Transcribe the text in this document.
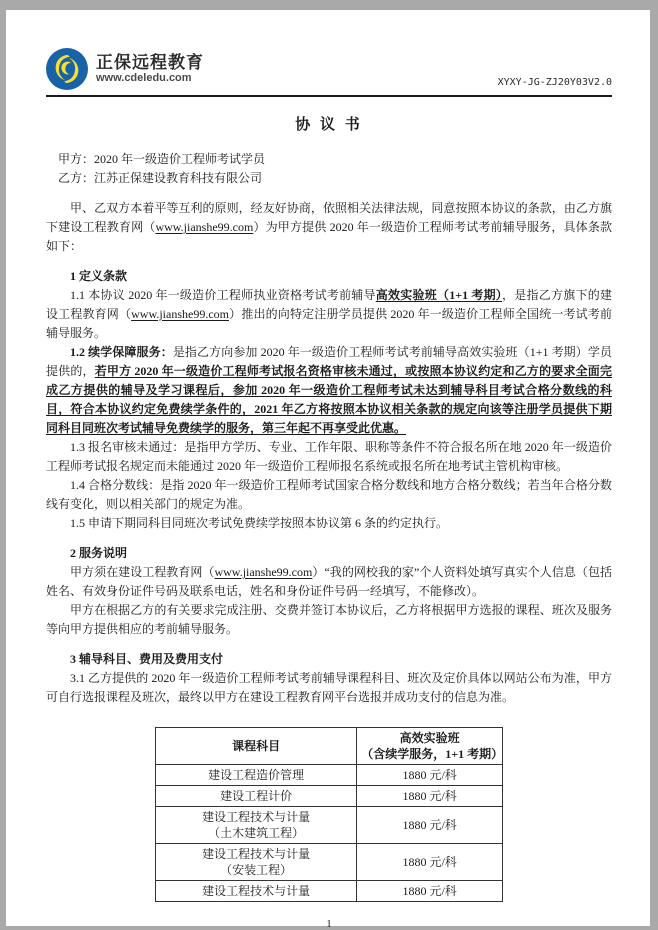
正保远程教育
www.cdeledu.com	XYXY-JG-ZJ20Y03V2.0
协 议 书
甲方：2020 年一级造价工程师考试学员
乙方：江苏正保建设教育科技有限公司

甲、乙双方本着平等互利的原则，经友好协商，依照相关法律法规，同意按照本协议的条款，由乙方旗下建设工程教育网（www.jianshe99.com）为甲方提供 2020 年一级造价工程师考试考前辅导服务，具体条款如下：

1 定义条款

1.1 本协议 2020 年一级造价工程师执业资格考试考前辅导高效实验班（1+1 考期），是指乙方旗下的建设工程教育网（www.jianshe99.com）推出的向特定注册学员提供 2020 年一级造价工程师全国统一考试考前辅导服务。

1.2 续学保障服务：是指乙方向参加 2020 年一级造价工程师考试考前辅导高效实验班（1+1 考期）学员提供的，若甲方 2020 年一级造价工程师考试报名资格审核未通过，或按照本协议约定和乙方的要求全面完成乙方提供的辅导及学习课程后，参加 2020 年一级造价工程师考试未达到辅导科目考试合格分数线的科目，符合本协议约定免费续学条件的，2021 年乙方将按照本协议相关条款的规定向该等注册学员提供下期同科目同班次考试辅导免费续学的服务，第三年起不再享受此优惠。

1.3 报名审核未通过：是指甲方学历、专业、工作年限、职称等条件不符合报名所在地 2020 年一级造价工程师考试报名规定而未能通过 2020 年一级造价工程师报名系统或报名所在地考试主管机构审核。

1.4 合格分数线：是指 2020 年一级造价工程师考试国家合格分数线和地方合格分数线；若当年合格分数线有变化，则以相关部门的规定为准。

1.5 申请下期同科目同班次考试免费续学按照本协议第 6 条的约定执行。

2 服务说明

甲方须在建设工程教育网（www.jianshe99.com）“我的网校我的家”个人资料处填写真实个人信息（包括姓名、有效身份证件号码及联系电话，姓名和身份证件号码一经填写，不能修改）。

甲方在根据乙方的有关要求完成注册、交费并签订本协议后，乙方将根据甲方选报的课程、班次及服务等向甲方提供相应的考前辅导服务。

3 辅导科目、费用及费用支付

3.1 乙方提供的 2020 年一级造价工程师考试考前辅导课程科目、班次及定价具体以网站公布为准，甲方可自行选报课程及班次，最终以甲方在建设工程教育网平台选报并成功支付的信息为准。

课程科目	高效实验班
（含续学服务，1+1 考期）

建设工程造价管理	1880 元/科

建设工程计价	1880 元/科

建设工程技术与计量
（土木建筑工程）	1880 元/科

建设工程技术与计量
（安装工程）	1880 元/科

建设工程技术与计量	1880 元/科
1
